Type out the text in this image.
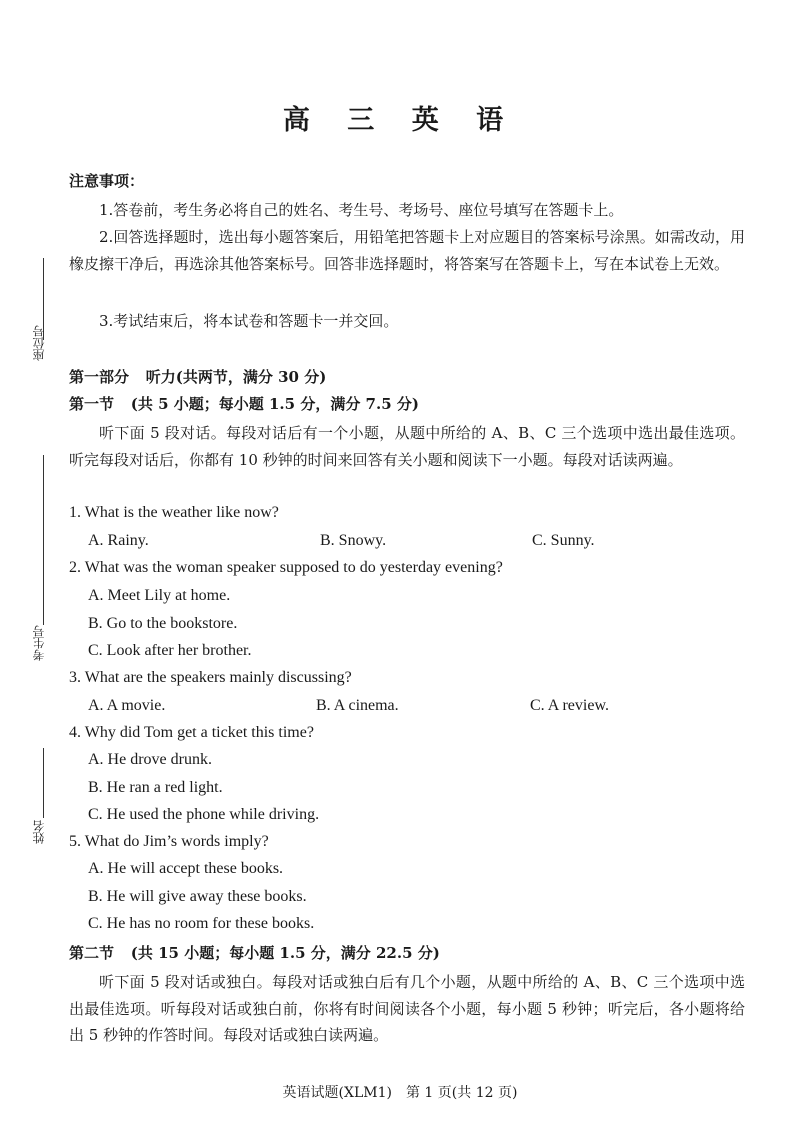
座位号
考生号
姓名
高 三 英 语
注意事项：
1.答卷前，考生务必将自己的姓名、考生号、考场号、座位号填写在答题卡上。
2.回答选择题时，选出每小题答案后，用铅笔把答题卡上对应题目的答案标号涂黑。如需改动，用橡皮擦干净后，再选涂其他答案标号。回答非选择题时，将答案写在答题卡上，写在本试卷上无效。
3.考试结束后，将本试卷和答题卡一并交回。
第一部分 听力(共两节，满分 30 分)
第一节 (共 5 小题；每小题 1.5 分，满分 7.5 分)
听下面 5 段对话。每段对话后有一个小题，从题中所给的 A、B、C 三个选项中选出最佳选项。听完每段对话后，你都有 10 秒钟的时间来回答有关小题和阅读下一小题。每段对话读两遍。
1. What is the weather like now?
A. Rainy.	B. Snowy.	C. Sunny.
2. What was the woman speaker supposed to do yesterday evening?
A. Meet Lily at home.
B. Go to the bookstore.
C. Look after her brother.
3. What are the speakers mainly discussing?
A. A movie.	B. A cinema.	C. A review.
4. Why did Tom get a ticket this time?
A. He drove drunk.
B. He ran a red light.
C. He used the phone while driving.
5. What do Jim’s words imply?
A. He will accept these books.
B. He will give away these books.
C. He has no room for these books.
第二节 (共 15 小题；每小题 1.5 分，满分 22.5 分)
听下面 5 段对话或独白。每段对话或独白后有几个小题，从题中所给的 A、B、C 三个选项中选出最佳选项。听每段对话或独白前，你将有时间阅读各个小题，每小题 5 秒钟；听完后，各小题将给出 5 秒钟的作答时间。每段对话或独白读两遍。
英语试题(XLM1)　第 1 页(共 12 页)
